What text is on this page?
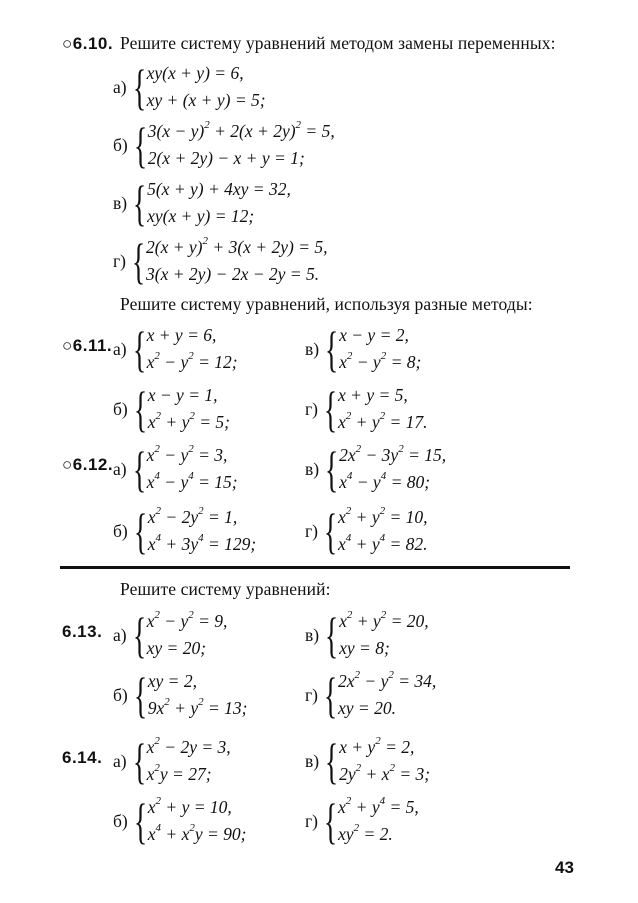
○6.10. Решите систему уравнений методом замены переменных:
а) { xy(x + y) = 6,
xy + (x + y) = 5;
б) { $3(x - y)^2 + 2(x + 2y)^2 = 5$,
2(x + 2y) − x + y = 1;
в) { 5(x + y) + 4xy = 32,
xy(x + y) = 12;
г) { $2(x + y)^2 + 3(x + 2y) = 5$,
3(x + 2y) − 2x − 2y = 5.
Решите систему уравнений, используя разные методы:
○6.11. а) { x + y = 6,
$x^2 - y^2 = 12$;
в) { x − y = 2,
$x^2 - y^2 = 8$;
б) { x − y = 1,
$x^2 + y^2 = 5$;
г) { x + y = 5,
$x^2 + y^2 = 17$.
○6.12. а) { $x^2 - y^2 = 3$,
$x^4 - y^4 = 15$;
в) { $2x^2 - 3y^2 = 15$,
$x^4 - y^4 = 80$;
б) { $x^2 - 2y^2 = 1$,
$x^4 + 3y^4 = 129$;
г) { $x^2 + y^2 = 10$,
$x^4 + y^4 = 82$.
Решите систему уравнений:
6.13. а) { $x^2 - y^2 = 9$,
xy = 20;
в) { $x^2 + y^2 = 20$,
xy = 8;
б) { xy = 2,
$9x^2 + y^2 = 13$;
г) { $2x^2 - y^2 = 34$,
xy = 20.
6.14. а) { $x^2 - 2y = 3$,
$x^2y = 27$;
в) { $x + y^2 = 2$,
$2y^2 + x^2 = 3$;
б) { $x^2 + y = 10$,
$x^4 + x^2y = 90$;
г) { $x^2 + y^4 = 5$,
$xy^2 = 2$.
43
